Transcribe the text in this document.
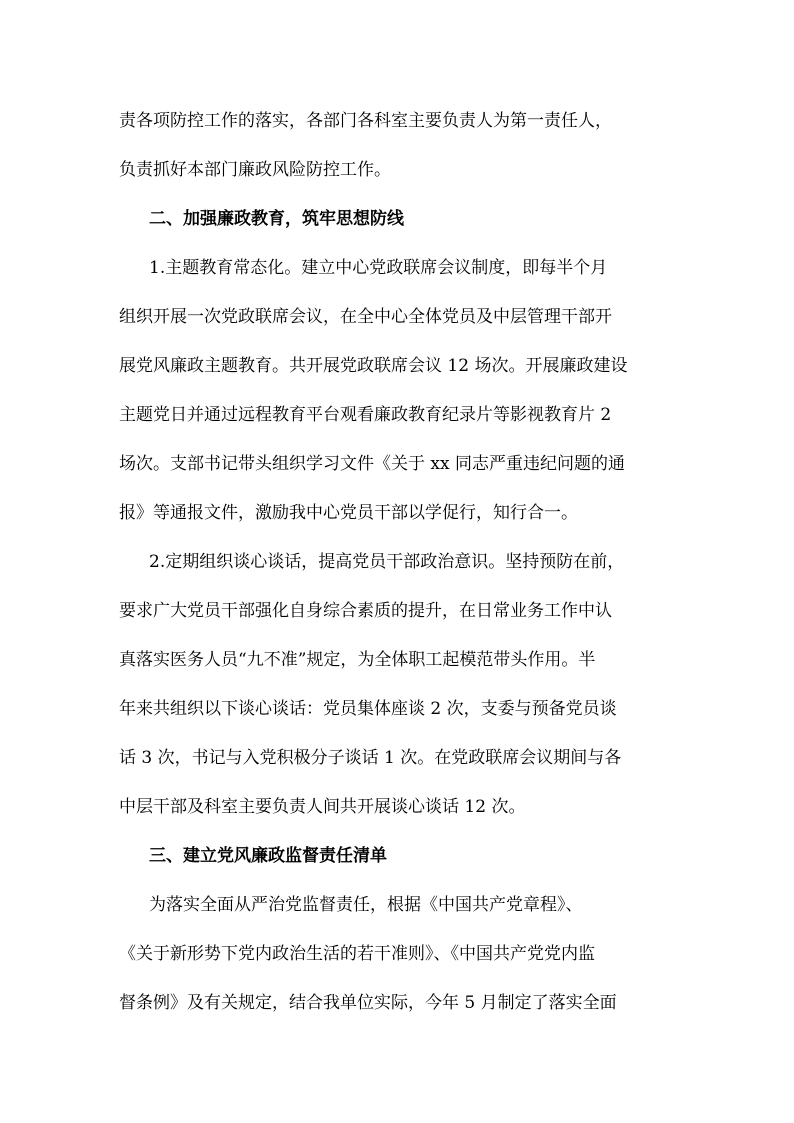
责各项防控工作的落实，各部门各科室主要负责人为第一责任人，
负责抓好本部门廉政风险防控工作。
二、加强廉政教育，筑牢思想防线
1.主题教育常态化。建立中心党政联席会议制度，即每半个月
组织开展一次党政联席会议，在全中心全体党员及中层管理干部开
展党风廉政主题教育。共开展党政联席会议 12 场次。开展廉政建设
主题党日并通过远程教育平台观看廉政教育纪录片等影视教育片 2
场次。支部书记带头组织学习文件《关于 xx 同志严重违纪问题的通
报》等通报文件，激励我中心党员干部以学促行，知行合一。
2.定期组织谈心谈话，提高党员干部政治意识。坚持预防在前，
要求广大党员干部强化自身综合素质的提升，在日常业务工作中认
真落实医务人员“九不准”规定，为全体职工起模范带头作用。半
年来共组织以下谈心谈话：党员集体座谈 2 次，支委与预备党员谈
话 3 次，书记与入党积极分子谈话 1 次。在党政联席会议期间与各
中层干部及科室主要负责人间共开展谈心谈话 12 次。
三、建立党风廉政监督责任清单
为落实全面从严治党监督责任，根据《中国共产党章程》、
《关于新形势下党内政治生活的若干准则》、《中国共产党党内监
督条例》及有关规定，结合我单位实际，今年 5 月制定了落实全面
